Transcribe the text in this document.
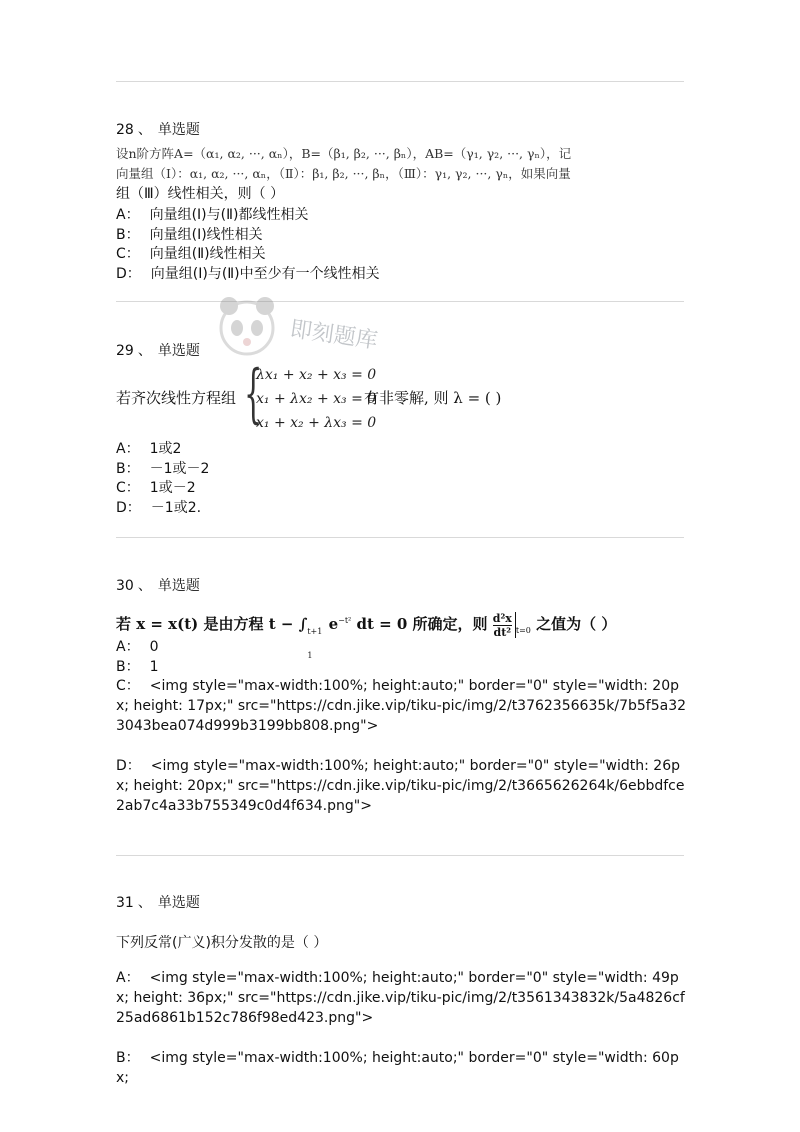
即刻题库
28 、 单选题
设n阶方阵A=（α₁, α₂, ···, αₙ），B=（β₁, β₂, ···, βₙ），AB=（γ₁, γ₂, ···, γₙ），记
向量组（Ⅰ）：α₁, α₂, ···, αₙ，（Ⅱ）：β₁, β₂, ···, βₙ，（Ⅲ）：γ₁, γ₂, ···, γₙ，如果向量
组（Ⅲ）线性相关，则（ ）
A： 向量组(Ⅰ)与(Ⅱ)都线性相关
B： 向量组(Ⅰ)线性相关
C： 向量组(Ⅱ)线性相关
D： 向量组(Ⅰ)与(Ⅱ)中至少有一个线性相关
29 、 单选题
若齐次线性方程组 {
λx₁ + x₂ + x₃ = 0
x₁ + λx₂ + x₃ = 0
x₁ + x₂ + λx₃ = 0
有非零解, 则 λ = ( )
A： 1或2
B： －1或－2
C： 1或－2
D： －1或2.
30 、 单选题
若 x = x(t) 是由方程 t − ∫ t+1
1
$e^{-t^2}$ dt = 0 所确定，则 $\frac{\text{d²x}}{\text{dt²}} _{t=0}$ 之值为（ ）
A： 0
B： 1
C： <img style="max-width:100%; height:auto;" border="0" style="width: 20px; height: 17px;" src="https://cdn.jike.vip/tiku-pic/img/2/t3762356635k/7b5f5a323043bea074d999b3199bb808.png">
D： <img style="max-width:100%; height:auto;" border="0" style="width: 26px; height: 20px;" src="https://cdn.jike.vip/tiku-pic/img/2/t3665626264k/6ebbdfce2ab7c4a33b755349c0d4f634.png">
31 、 单选题
下列反常(广义)积分发散的是（ ）
A： <img style="max-width:100%; height:auto;" border="0" style="width: 49px; height: 36px;" src="https://cdn.jike.vip/tiku-pic/img/2/t3561343832k/5a4826cf25ad6861b152c786f98ed423.png">
B： <img style="max-width:100%; height:auto;" border="0" style="width: 60px;
